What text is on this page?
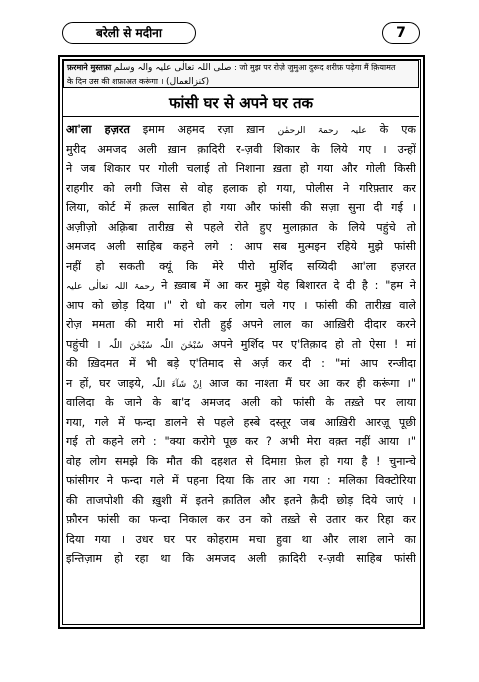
बरेली से मदीना	7
फ़रमाने मुस्तफ़ा صلی اللہ تعالٰی علیہ والہ وسلم : जो मुझ पर रोज़े जुमुआ दुरूद शरीफ़ पढ़ेगा मैं क़ियामत
के दिन उस की शफ़ाअत करूंगा । (کنزالعمال)
फांसी घर से अपने घर तक
आ'ला हज़रत इमाम अहमद रज़ा ख़ान علیہ رحمۃ الرحمٰن के एक
मुरीद अमजद अली ख़ान क़ादिरी र-ज़वी शिकार के लिये गए । उन्हों
ने जब शिकार पर गोली चलाई तो निशाना ख़ता हो गया और गोली किसी
राहगीर को लगी जिस से वोह हलाक हो गया, पोलीस ने गरिफ़्तार कर
लिया, कोर्ट में क़त्ल साबित हो गया और फांसी की सज़ा सुना दी गई ।
अज़ीज़ो अक़्रिबा तारीख़ से पहले रोते हुए मुलाक़ात के लिये पहुंचे तो
अमजद अली साहिब कहने लगे : आप सब मुत्मइन रहिये मुझे फांसी
नहीं हो सकती क्यूं कि मेरे पीरो मुर्शिद सय्यिदी आ'ला हज़रत
رحمۃ اللہ تعالٰی علیہ ने ख़्वाब में आ कर मुझे येह बिशारत दे दी है : "हम ने
आप को छोड़ दिया ।" रो धो कर लोग चले गए । फांसी की तारीख़ वाले
रोज़ ममता की मारी मां रोती हुई अपने लाल का आख़िरी दीदार करने
पहुंची । سُبْحٰنَ اللّٰہ سُبْحٰنَ اللّٰہ अपने मुर्शिद पर ए'तिक़ाद हो तो ऐसा ! मां
की ख़िदमत में भी बड़े ए'तिमाद से अर्ज़ कर दी : "मां आप रन्जीदा
न हों, घर जाइये, اِنْ شَآءَ اللّٰہ आज का नाश्ता मैं घर आ कर ही करूंगा ।"
वालिदा के जाने के बा'द अमजद अली को फांसी के तख़्ते पर लाया
गया, गले में फन्दा डालने से पहले हस्बे दस्तूर जब आख़िरी आरज़ू पूछी
गई तो कहने लगे : "क्या करोगे पूछ कर ? अभी मेरा वक़्त नहीं आया ।"
वोह लोग समझे कि मौत की दहशत से दिमाग़ फ़ेल हो गया है ! चुनान्चे
फांसीगर ने फन्दा गले में पहना दिया कि तार आ गया : मलिका विक्टोरिया
की ताजपोशी की ख़ुशी में इतने क़ातिल और इतने क़ैदी छोड़ दिये जाएं ।
फ़ौरन फांसी का फन्दा निकाल कर उन को तख़्ते से उतार कर रिहा कर
दिया गया । उधर घर पर कोहराम मचा हुवा था और लाश लाने का
इन्तिज़ाम हो रहा था कि अमजद अली क़ादिरी र-ज़वी साहिब फांसी
